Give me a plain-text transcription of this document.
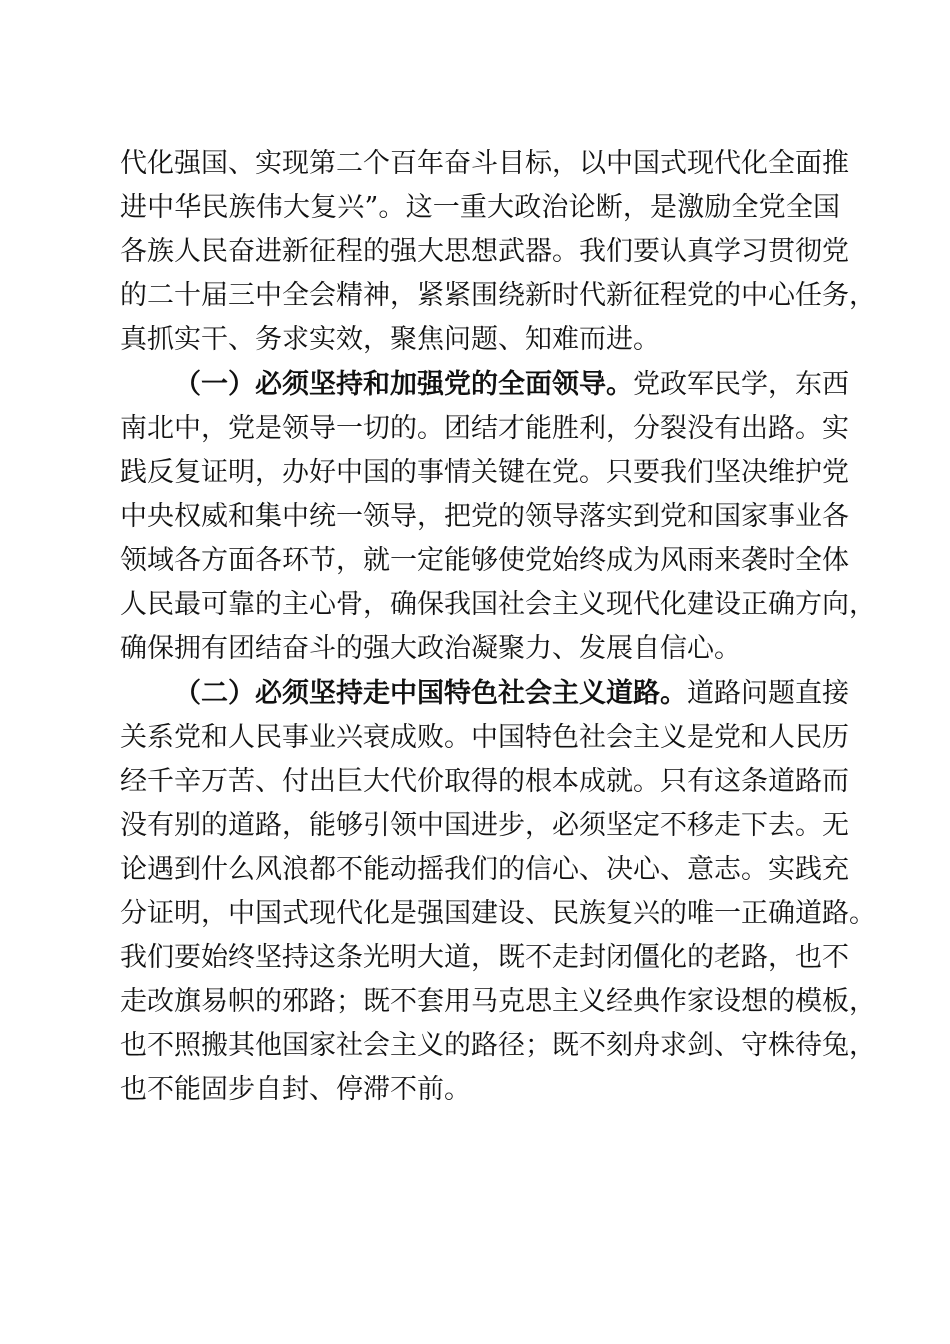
代化强国、实现第二个百年奋斗目标，以中国式现代化全面推
进中华民族伟大复兴”。这一重大政治论断，是激励全党全国
各族人民奋进新征程的强大思想武器。我们要认真学习贯彻党
的二十届三中全会精神，紧紧围绕新时代新征程党的中心任务，
真抓实干、务求实效，聚焦问题、知难而进。
（一）必须坚持和加强党的全面领导。党政军民学，东西
南北中，党是领导一切的。团结才能胜利，分裂没有出路。实
践反复证明，办好中国的事情关键在党。只要我们坚决维护党
中央权威和集中统一领导，把党的领导落实到党和国家事业各
领域各方面各环节，就一定能够使党始终成为风雨来袭时全体
人民最可靠的主心骨，确保我国社会主义现代化建设正确方向，
确保拥有团结奋斗的强大政治凝聚力、发展自信心。
（二）必须坚持走中国特色社会主义道路。道路问题直接
关系党和人民事业兴衰成败。中国特色社会主义是党和人民历
经千辛万苦、付出巨大代价取得的根本成就。只有这条道路而
没有别的道路，能够引领中国进步，必须坚定不移走下去。无
论遇到什么风浪都不能动摇我们的信心、决心、意志。实践充
分证明，中国式现代化是强国建设、民族复兴的唯一正确道路。
我们要始终坚持这条光明大道，既不走封闭僵化的老路，也不
走改旗易帜的邪路；既不套用马克思主义经典作家设想的模板，
也不照搬其他国家社会主义的路径；既不刻舟求剑、守株待兔，
也不能固步自封、停滞不前。
